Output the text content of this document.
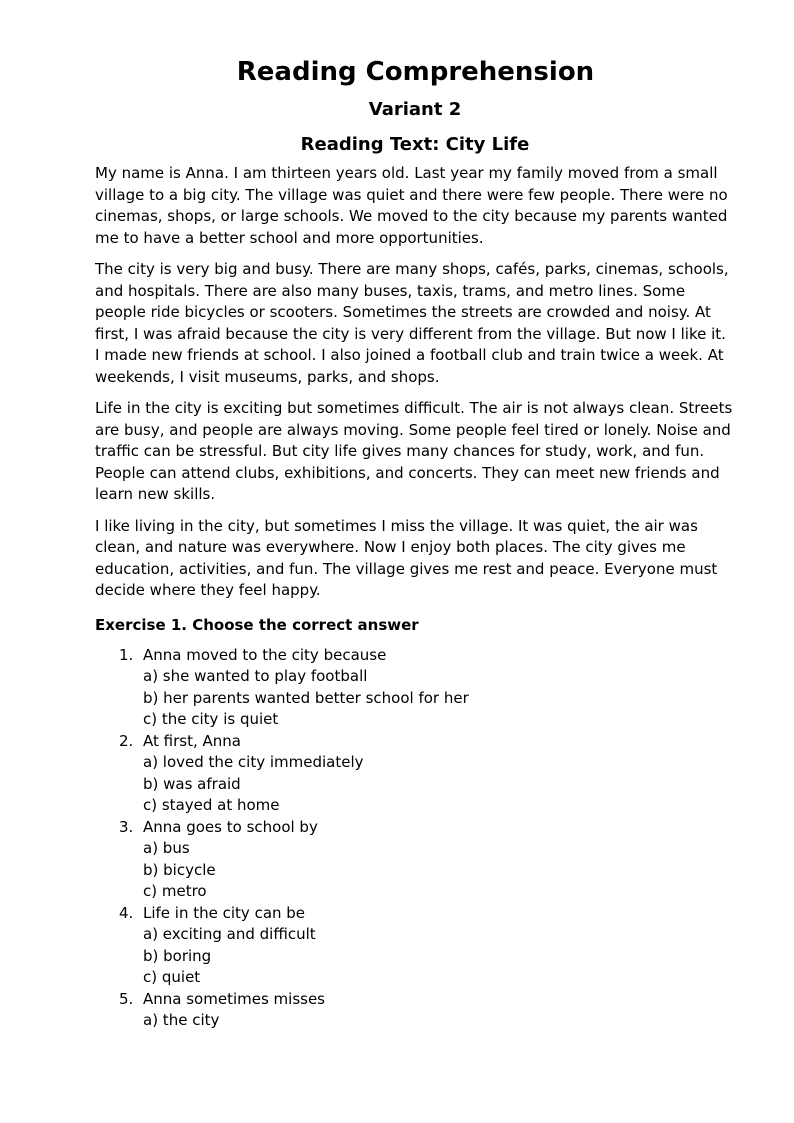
Reading Comprehension
Variant 2
Reading Text: City Life

My name is Anna. I am thirteen years old. Last year my family moved from a small village to a big city. The village was quiet and there were few people. There were no cinemas, shops, or large schools. We moved to the city because my parents wanted me to have a better school and more opportunities.

The city is very big and busy. There are many shops, cafés, parks, cinemas, schools, and hospitals. There are also many buses, taxis, trams, and metro lines. Some people ride bicycles or scooters. Sometimes the streets are crowded and noisy. At first, I was afraid because the city is very different from the village. But now I like it. I made new friends at school. I also joined a football club and train twice a week. At weekends, I visit museums, parks, and shops.

Life in the city is exciting but sometimes difficult. The air is not always clean. Streets are busy, and people are always moving. Some people feel tired or lonely. Noise and traffic can be stressful. But city life gives many chances for study, work, and fun. People can attend clubs, exhibitions, and concerts. They can meet new friends and learn new skills.

I like living in the city, but sometimes I miss the village. It was quiet, the air was clean, and nature was everywhere. Now I enjoy both places. The city gives me education, activities, and fun. The village gives me rest and peace. Everyone must decide where they feel happy.

Exercise 1. Choose the correct answer
1. Anna moved to the city because
a) she wanted to play football
b) her parents wanted better school for her
c) the city is quiet
2. At first, Anna
a) loved the city immediately
b) was afraid
c) stayed at home
3. Anna goes to school by
a) bus
b) bicycle
c) metro
4. Life in the city can be
a) exciting and difficult
b) boring
c) quiet
5. Anna sometimes misses
a) the city
